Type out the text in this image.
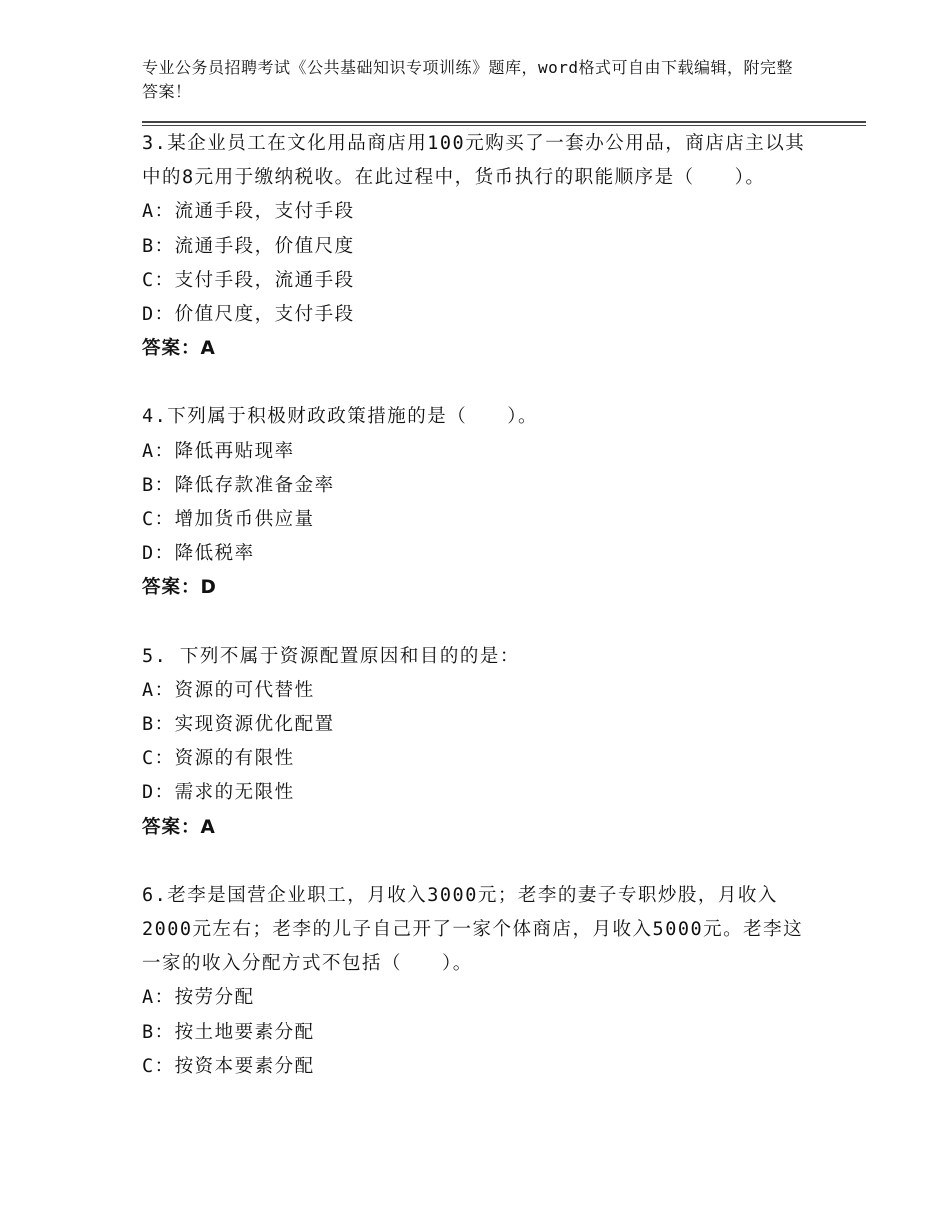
专业公务员招聘考试《公共基础知识专项训练》题库，word格式可自由下载编辑，附完整答案！

3.某企业员工在文化用品商店用100元购买了一套办公用品，商店店主以其中的8元用于缴纳税收。在此过程中，货币执行的职能顺序是（　　）。

A：流通手段，支付手段

B：流通手段，价值尺度

C：支付手段，流通手段

D：价值尺度，支付手段

答案：A

4.下列属于积极财政政策措施的是（　　）。

A：降低再贴现率

B：降低存款准备金率

C：增加货币供应量

D：降低税率

答案：D

5. 下列不属于资源配置原因和目的的是：

A：资源的可代替性

B：实现资源优化配置

C：资源的有限性

D：需求的无限性

答案：A

6.老李是国营企业职工，月收入3000元；老李的妻子专职炒股，月收入2000元左右；老李的儿子自己开了一家个体商店，月收入5000元。老李这一家的收入分配方式不包括（　　）。

A：按劳分配

B：按土地要素分配

C：按资本要素分配
